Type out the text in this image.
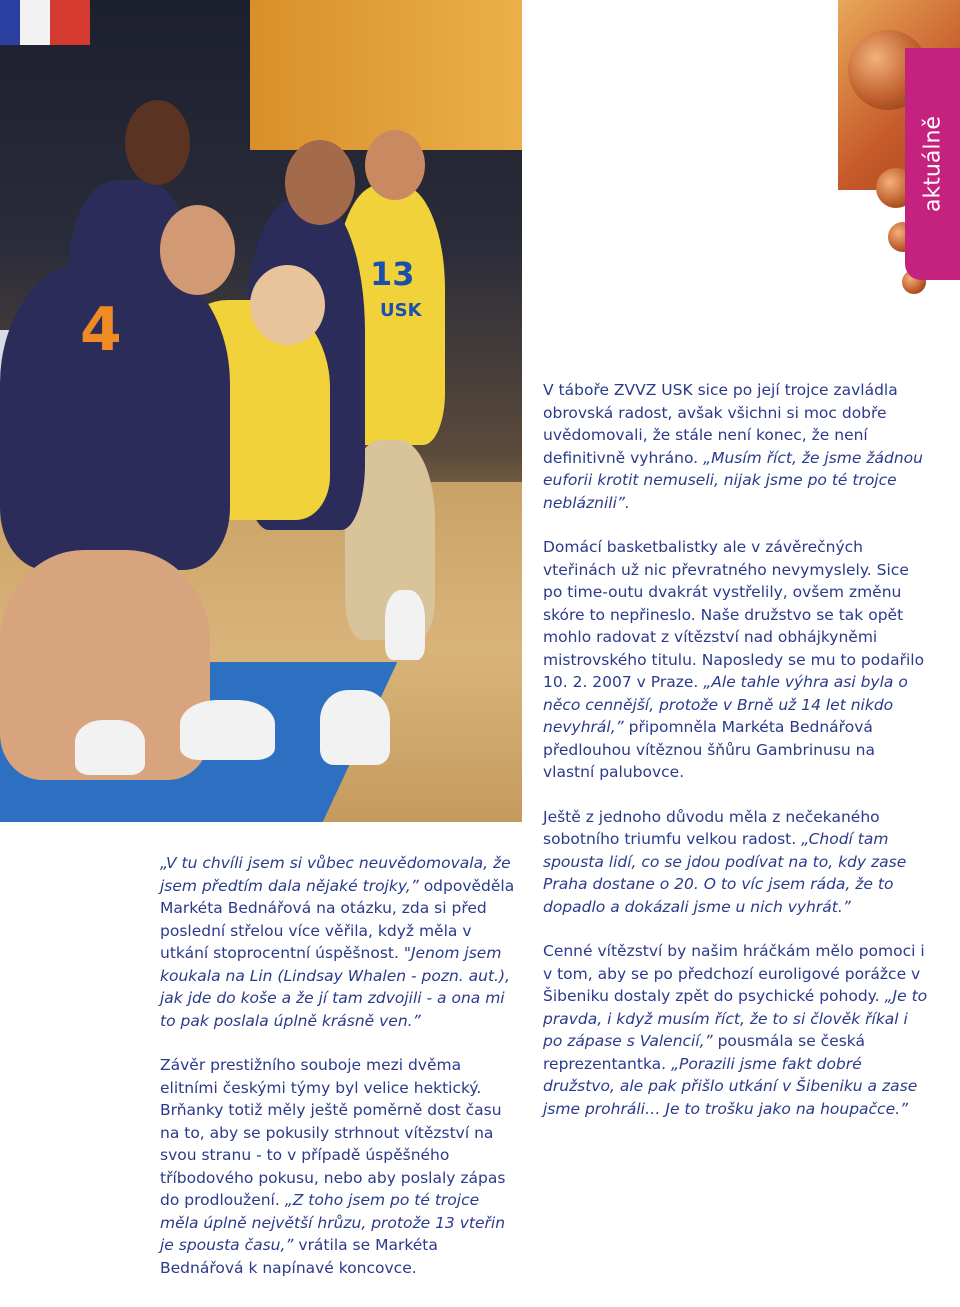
13
USK
4
aktuálně

V táboře ZVVZ USK sice po její trojce zavládla obrovská radost, avšak všichni si moc dobře uvědomovali, že stále není konec, že není definitivně vyhráno. „Musím říct, že jsme žádnou euforii krotit nemuseli, nijak jsme po té trojce neblázniliˮ.

Domácí basketbalistky ale v závěrečných vteřinách už nic převratného nevymyslely. Sice po time-outu dvakrát vystřelily, ovšem změnu skóre to nepřineslo. Naše družstvo se tak opět mohlo radovat z vítězství nad obhájkyněmi mistrovského titulu. Naposledy se mu to podařilo 10. 2. 2007 v Praze. „Ale tahle výhra asi byla o něco cennější, protože v Brně už 14 let nikdo nevyhrál,ˮ připomněla Markéta Bednářová předlouhou vítěznou šňůru Gambrinusu na vlastní palubovce.

Ještě z jednoho důvodu měla z nečekaného sobotního triumfu velkou radost. „Chodí tam spousta lidí, co se jdou podívat na to, kdy zase Praha dostane o 20. O to víc jsem ráda, že to dopadlo a dokázali jsme u nich vyhrát.ˮ

Cenné vítězství by našim hráčkám mělo pomoci i v tom, aby se po předchozí euroligové porážce v Šibeniku dostaly zpět do psychické pohody. „Je to pravda, i když musím říct, že to si člověk říkal i po zápase s Valencií,ˮ pousmála se česká reprezentantka. „Porazili jsme fakt dobré družstvo, ale pak přišlo utkání v Šibeniku a zase jsme prohráli… Je to trošku jako na houpačce.ˮ

„V tu chvíli jsem si vůbec neuvědomovala, že jsem předtím dala nějaké trojky,ˮ odpověděla Markéta Bednářová na otázku, zda si před poslední střelou více věřila, když měla v utkání stoprocentní úspěšnost. "Jenom jsem koukala na Lin (Lindsay Whalen - pozn. aut.), jak jde do koše a že jí tam zdvojili - a ona mi to pak poslala úplně krásně ven.ˮ

Závěr prestižního souboje mezi dvěma elitními českými týmy byl velice hektický. Brňanky totiž měly ještě poměrně dost času na to, aby se pokusily strhnout vítězství na svou stranu - to v případě úspěšného tříbodového pokusu, nebo aby poslaly zápas do prodloužení. „Z toho jsem po té trojce měla úplně největší hrůzu, protože 13 vteřin je spousta času,ˮ vrátila se Markéta Bednářová k napínavé koncovce.
